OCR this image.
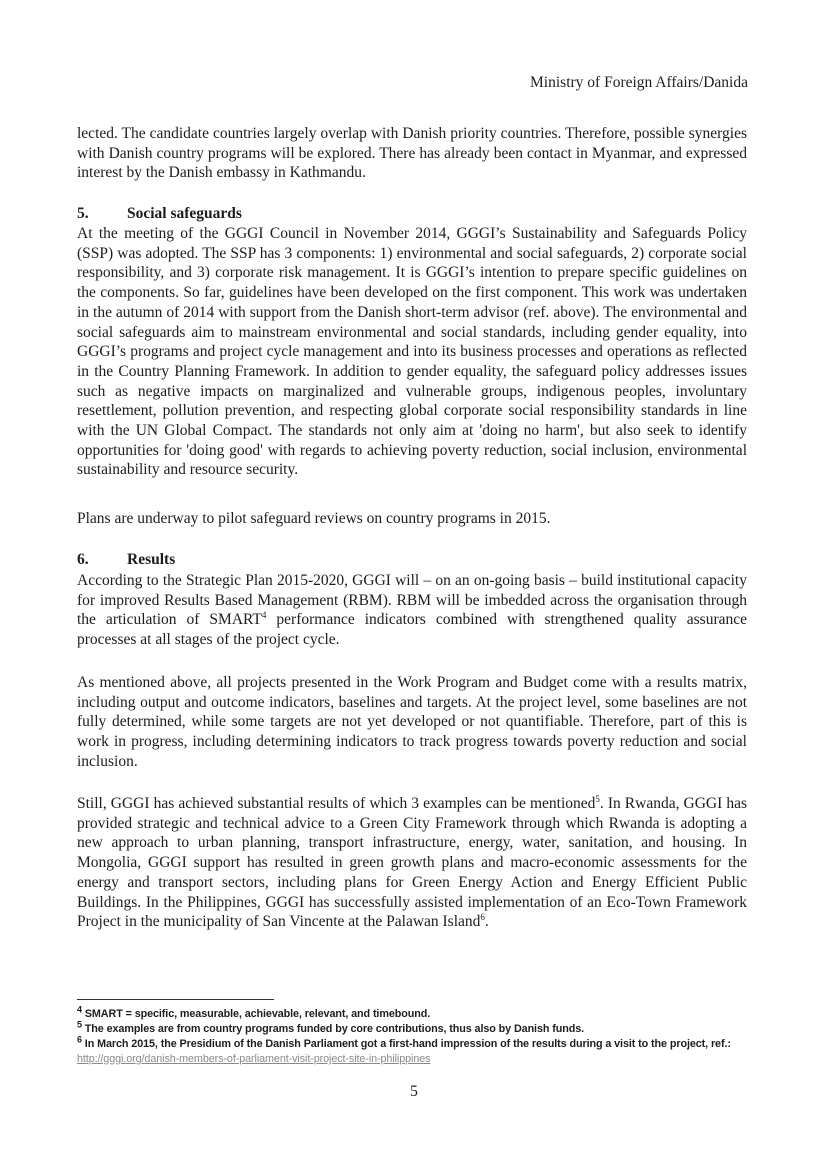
Ministry of Foreign Affairs/Danida

lected. The candidate countries largely overlap with Danish priority countries. Therefore, possible synergies with Danish country programs will be explored. There has already been contact in Myanmar, and expressed interest by the Danish embassy in Kathmandu.

5. Social safeguards

At the meeting of the GGGI Council in November 2014, GGGI’s Sustainability and Safeguards Policy (SSP) was adopted. The SSP has 3 components: 1) environmental and social safeguards, 2) corporate social responsibility, and 3) corporate risk management. It is GGGI’s intention to prepare specific guidelines on the components. So far, guidelines have been developed on the first component. This work was undertaken in the autumn of 2014 with support from the Danish short-term advisor (ref. above). The environmental and social safeguards aim to mainstream environmental and social standards, including gender equality, into GGGI’s programs and project cycle management and into its business processes and operations as reflected in the Country Planning Framework. In addition to gender equality, the safeguard policy addresses issues such as negative impacts on marginalized and vulnerable groups, indigenous peoples, involuntary resettlement, pollution prevention, and respecting global corporate social responsibility standards in line with the UN Global Compact. The standards not only aim at 'doing no harm', but also seek to identify opportunities for 'doing good' with regards to achieving poverty reduction, social inclusion, environmental sustainability and resource security.

Plans are underway to pilot safeguard reviews on country programs in 2015.

6. Results

According to the Strategic Plan 2015-2020, GGGI will – on an on-going basis – build institutional capacity for improved Results Based Management (RBM). RBM will be imbedded across the organisation through the articulation of SMART$^4$ performance indicators combined with strengthened quality assurance processes at all stages of the project cycle.

As mentioned above, all projects presented in the Work Program and Budget come with a results matrix, including output and outcome indicators, baselines and targets. At the project level, some baselines are not fully determined, while some targets are not yet developed or not quantifiable. Therefore, part of this is work in progress, including determining indicators to track progress towards poverty reduction and social inclusion.

Still, GGGI has achieved substantial results of which 3 examples can be mentioned$^5$. In Rwanda, GGGI has provided strategic and technical advice to a Green City Framework through which Rwanda is adopting a new approach to urban planning, transport infrastructure, energy, water, sanitation, and housing. In Mongolia, GGGI support has resulted in green growth plans and macro-economic assessments for the energy and transport sectors, including plans for Green Energy Action and Energy Efficient Public Buildings. In the Philippines, GGGI has successfully assisted implementation of an Eco-Town Framework Project in the municipality of San Vincente at the Palawan Island$^6$.

$^4$ SMART = specific, measurable, achievable, relevant, and timebound.
$^5$ The examples are from country programs funded by core contributions, thus also by Danish funds.
$^6$ In March 2015, the Presidium of the Danish Parliament got a first-hand impression of the results during a visit to the project, ref.: http://gggi.org/danish-members-of-parliament-visit-project-site-in-philippines
5
